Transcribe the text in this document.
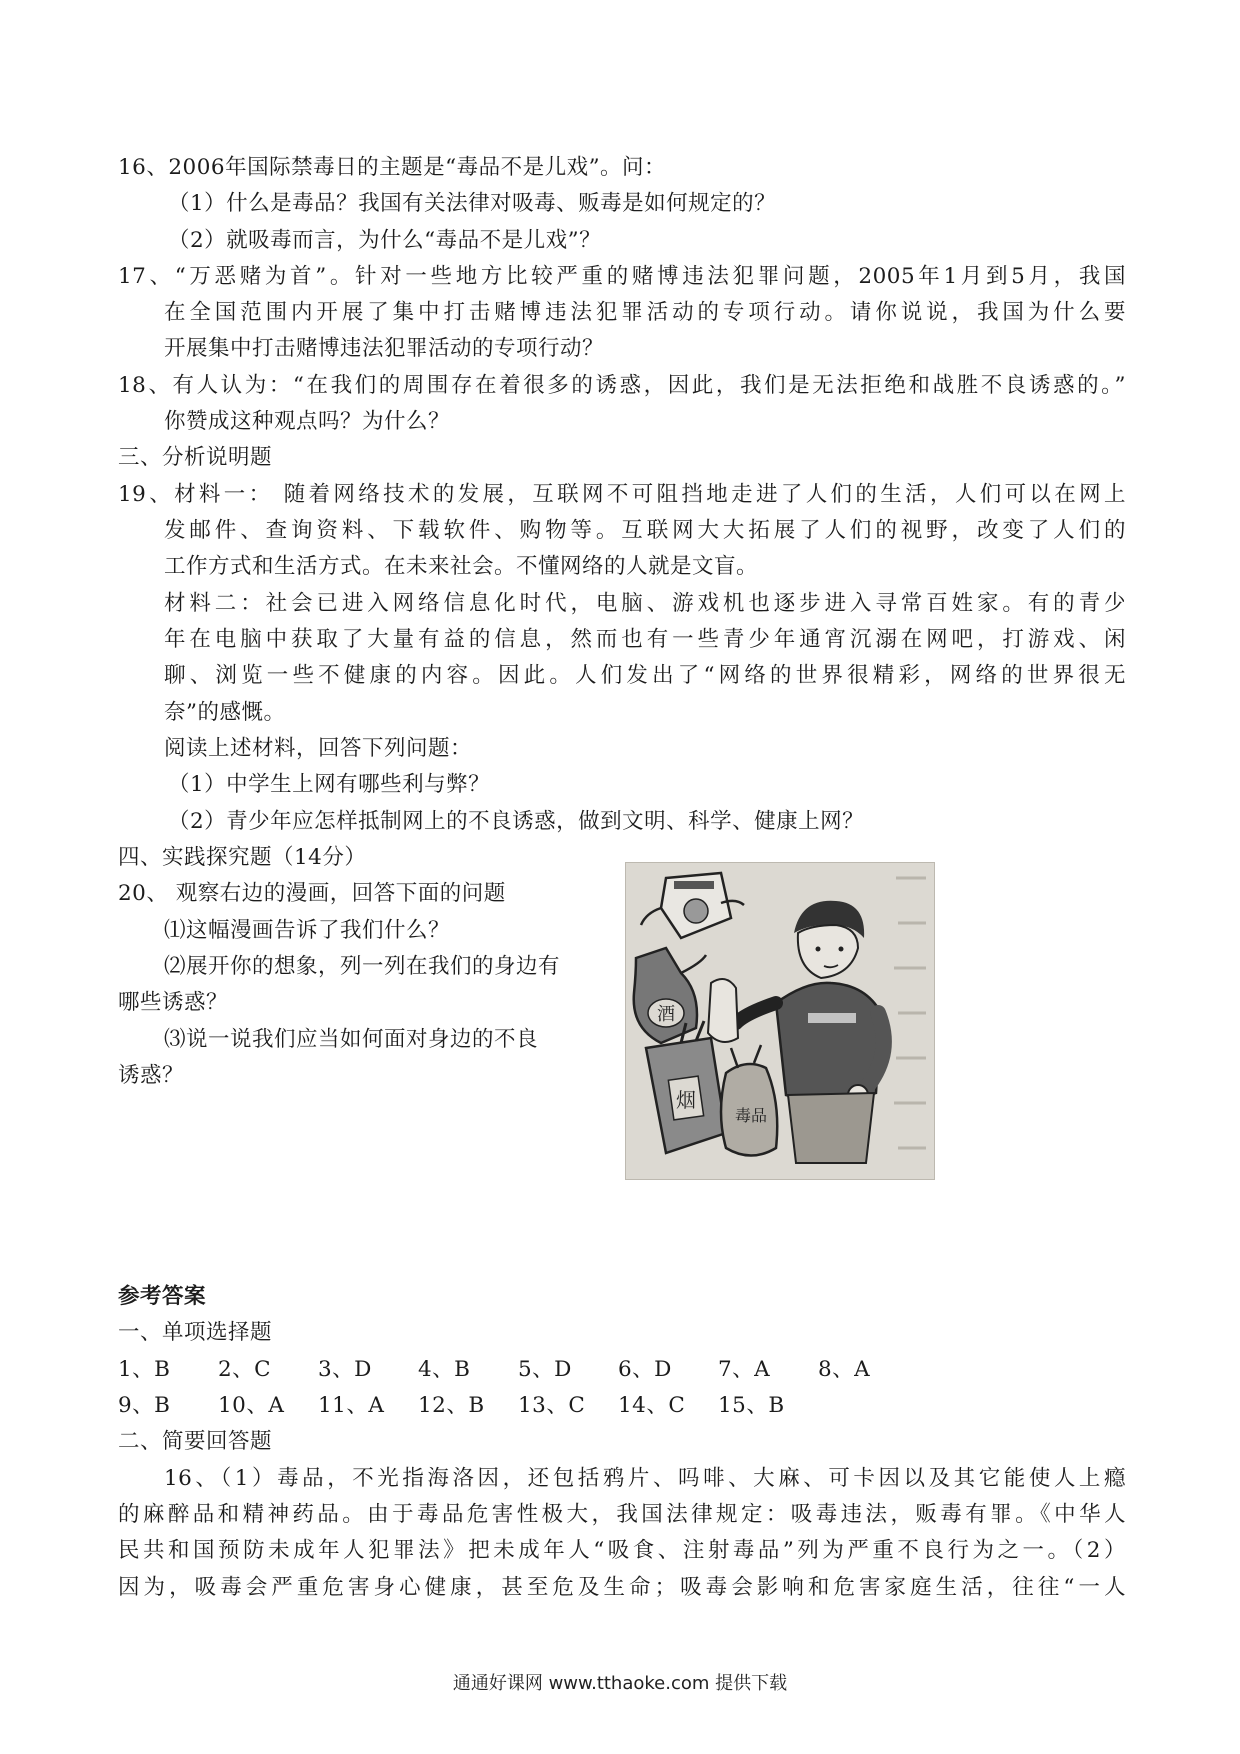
16、2006年国际禁毒日的主题是“毒品不是儿戏”。问：
（1）什么是毒品？我国有关法律对吸毒、贩毒是如何规定的？
（2）就吸毒而言，为什么“毒品不是儿戏”？
17、“万恶赌为首”。针对一些地方比较严重的赌博违法犯罪问题，2005年1月到5月，我国
在全国范围内开展了集中打击赌博违法犯罪活动的专项行动。请你说说，我国为什么要
开展集中打击赌博违法犯罪活动的专项行动？
18、有人认为：“在我们的周围存在着很多的诱惑，因此，我们是无法拒绝和战胜不良诱惑的。”
你赞成这种观点吗？为什么？
三、分析说明题
19、材料一： 随着网络技术的发展，互联网不可阻挡地走进了人们的生活，人们可以在网上
发邮件、查询资料、下载软件、购物等。互联网大大拓展了人们的视野，改变了人们的
工作方式和生活方式。在未来社会。不懂网络的人就是文盲。
材料二：社会已进入网络信息化时代，电脑、游戏机也逐步进入寻常百姓家。有的青少
年在电脑中获取了大量有益的信息，然而也有一些青少年通宵沉溺在网吧，打游戏、闲
聊、浏览一些不健康的内容。因此。人们发出了“网络的世界很精彩，网络的世界很无
奈”的感慨。
阅读上述材料，回答下列问题：
（1）中学生上网有哪些利与弊？
（2）青少年应怎样抵制网上的不良诱惑，做到文明、科学、健康上网？
四、实践探究题（14分）
20、 观察右边的漫画，回答下面的问题
⑴这幅漫画告诉了我们什么？
⑵展开你的想象，列一列在我们的身边有
哪些诱惑？
⑶说一说我们应当如何面对身边的不良
诱惑？
酒
烟
毒品
参考答案
一、单项选择题
1、B 2、C 3、D 4、B 5、D 6、D 7、A 8、A
9、B 10、A 11、A 12、B 13、C 14、C 15、B
二、简要回答题
16、（1）毒品，不光指海洛因，还包括鸦片、吗啡、大麻、可卡因以及其它能使人上瘾
的麻醉品和精神药品。由于毒品危害性极大，我国法律规定：吸毒违法，贩毒有罪。《中华人
民共和国预防未成年人犯罪法》把未成年人“吸食、注射毒品”列为严重不良行为之一。（2）
因为，吸毒会严重危害身心健康，甚至危及生命；吸毒会影响和危害家庭生活，往往“一人
通通好课网 www.tthaoke.com 提供下载
